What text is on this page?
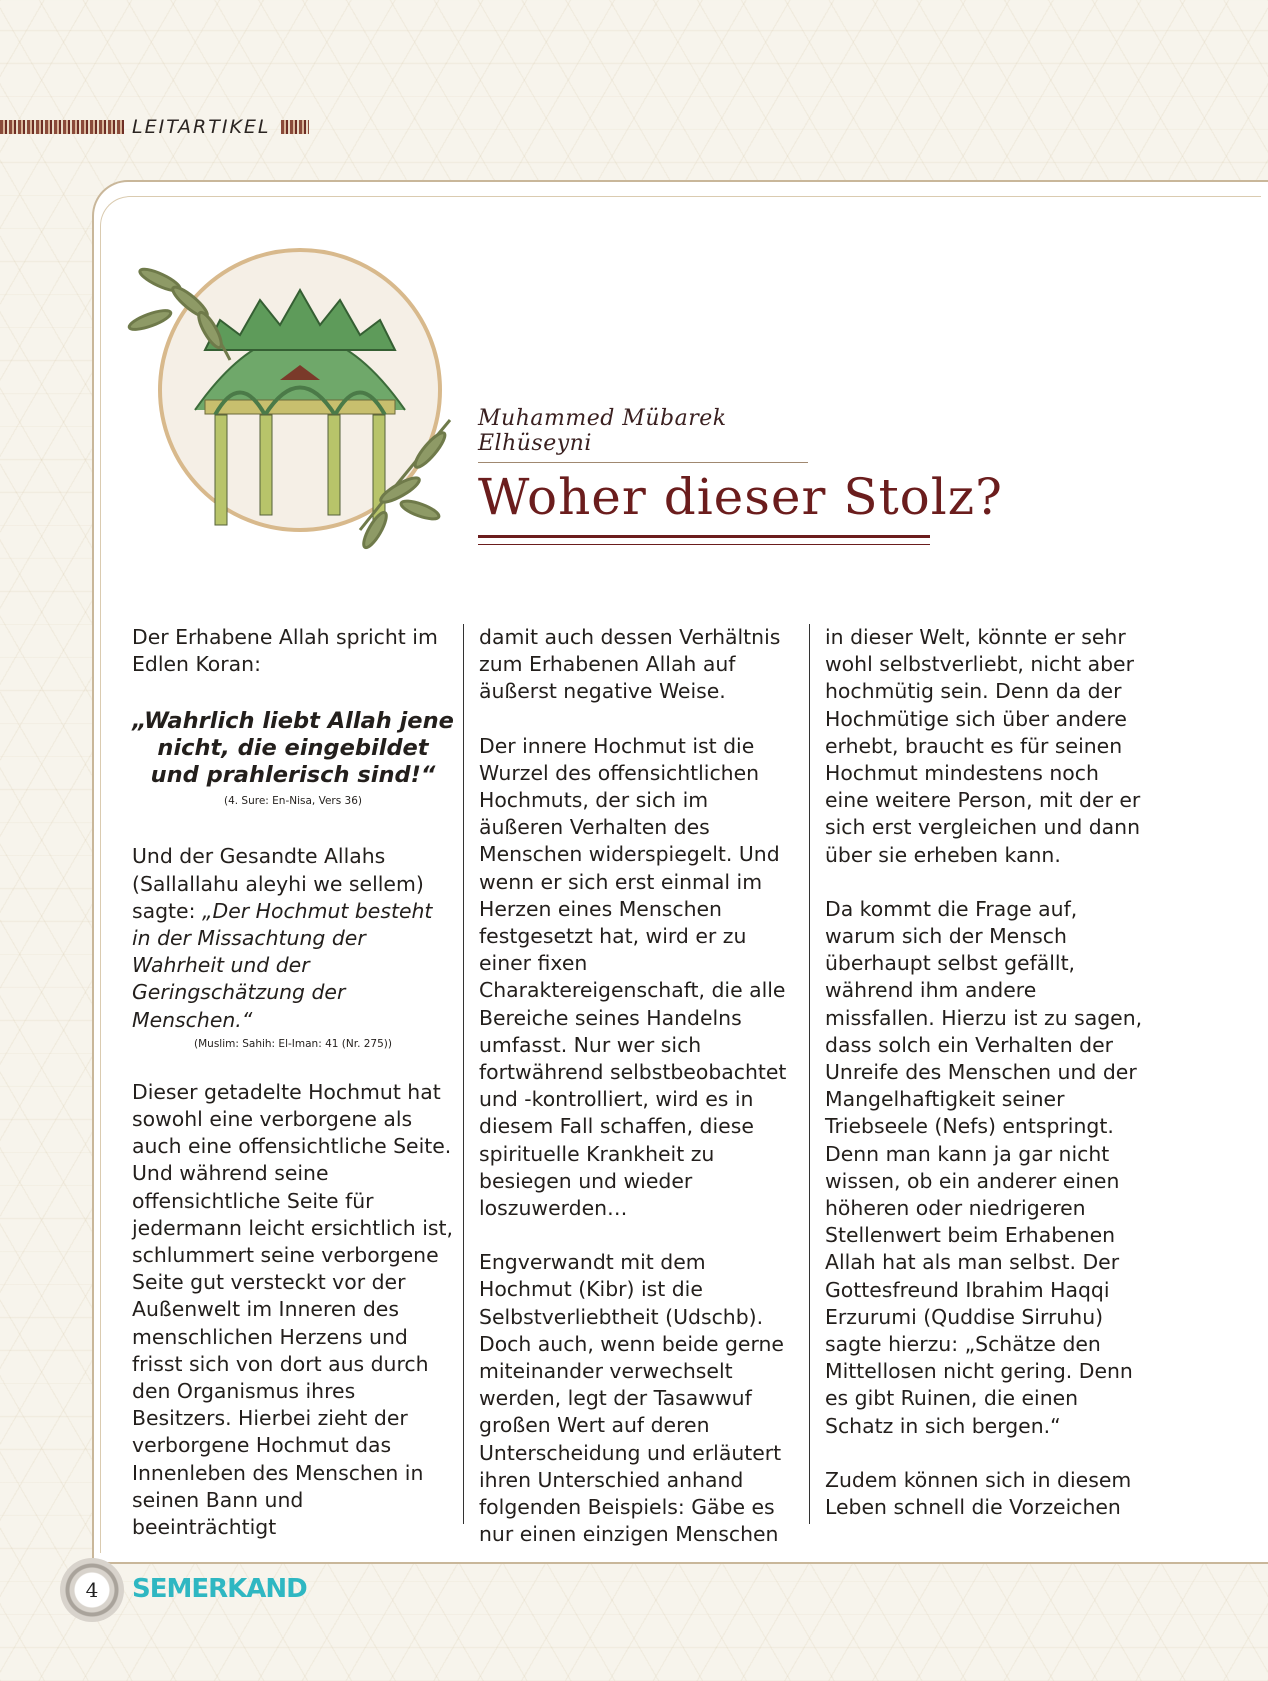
LEITARTIKEL
Muhammed Mübarek Elhüseyni
Woher dieser Stolz?

Der Erhabene Allah spricht im Edlen Koran:

„Wahrlich liebt Allah jene nicht, die eingebildet und prahlerisch sind!“
(4. Sure: En-Nisa, Vers 36)

Und der Gesandte Allahs (Sallallahu aleyhi we sellem) sagte: „Der Hochmut besteht in der Missachtung der Wahrheit und der Geringschätzung der Menschen.“
(Muslim: Sahih: El-Iman: 41 (Nr. 275))

Dieser getadelte Hochmut hat sowohl eine verborgene als auch eine offensichtliche Seite. Und während seine offensichtliche Seite für jedermann leicht ersichtlich ist, schlummert seine verborgene Seite gut versteckt vor der Außenwelt im Inneren des menschlichen Herzens und frisst sich von dort aus durch den Organismus ihres Besitzers. Hierbei zieht der verborgene Hochmut das Innenleben des Menschen in seinen Bann und beeinträchtigt

damit auch dessen Verhältnis zum Erhabenen Allah auf äußerst negative Weise.

Der innere Hochmut ist die Wurzel des offensichtlichen Hochmuts, der sich im äußeren Verhalten des Menschen widerspiegelt. Und wenn er sich erst einmal im Herzen eines Menschen festgesetzt hat, wird er zu einer fixen Charaktereigenschaft, die alle Bereiche seines Handelns umfasst. Nur wer sich fortwährend selbstbeobachtet und -kontrolliert, wird es in diesem Fall schaffen, diese spirituelle Krankheit zu besiegen und wieder loszuwerden…

Engverwandt mit dem Hochmut (Kibr) ist die Selbstverliebtheit (Udschb). Doch auch, wenn beide gerne miteinander verwechselt werden, legt der Tasawwuf großen Wert auf deren Unterscheidung und erläutert ihren Unterschied anhand folgenden Beispiels: Gäbe es nur einen einzigen Menschen

in dieser Welt, könnte er sehr wohl selbstverliebt, nicht aber hochmütig sein. Denn da der Hochmütige sich über andere erhebt, braucht es für seinen Hochmut mindestens noch eine weitere Person, mit der er sich erst vergleichen und dann über sie erheben kann.

Da kommt die Frage auf, warum sich der Mensch überhaupt selbst gefällt, während ihm andere missfallen. Hierzu ist zu sagen, dass solch ein Verhalten der Unreife des Menschen und der Mangelhaftigkeit seiner Triebseele (Nefs) entspringt. Denn man kann ja gar nicht wissen, ob ein anderer einen höheren oder niedrigeren Stellenwert beim Erhabenen Allah hat als man selbst. Der Gottesfreund Ibrahim Haqqi Erzurumi (Quddise Sirruhu) sagte hierzu: „Schätze den Mittellosen nicht gering. Denn es gibt Ruinen, die einen Schatz in sich bergen.“

Zudem können sich in diesem Leben schnell die Vorzeichen

4	SEMERKAND
